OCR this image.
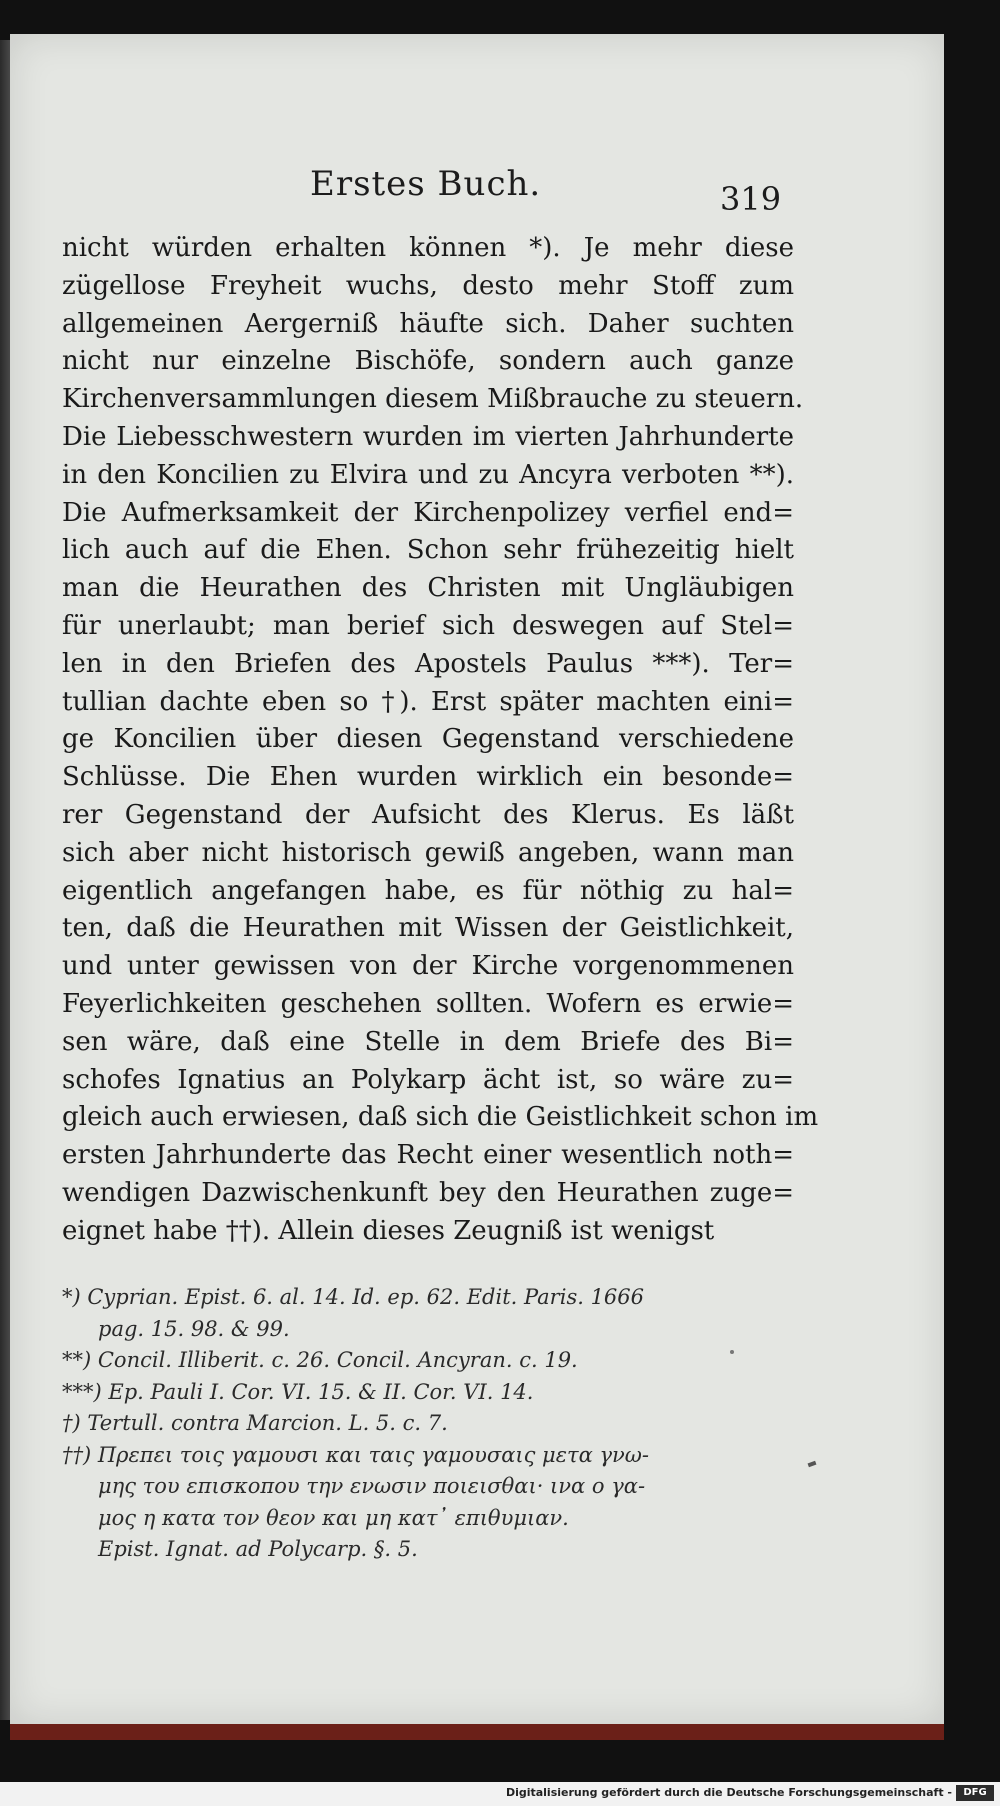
Erstes Buch.	319
nicht würden erhalten können *). Je mehr diese
zügellose Freyheit wuchs, desto mehr Stoff zum
allgemeinen Aergerniß häufte sich. Daher suchten
nicht nur einzelne Bischöfe, sondern auch ganze
Kirchenversammlungen diesem Mißbrauche zu steuern.
Die Liebesschwestern wurden im vierten Jahrhunderte
in den Koncilien zu Elvira und zu Ancyra verboten **).
Die Aufmerksamkeit der Kirchenpolizey verfiel end=
lich auch auf die Ehen. Schon sehr frühezeitig hielt
man die Heurathen des Christen mit Ungläubigen
für unerlaubt; man berief sich deswegen auf Stel=
len in den Briefen des Apostels Paulus ***). Ter=
tullian dachte eben so †). Erst später machten eini=
ge Koncilien über diesen Gegenstand verschiedene
Schlüsse. Die Ehen wurden wirklich ein besonde=
rer Gegenstand der Aufsicht des Klerus. Es läßt
sich aber nicht historisch gewiß angeben, wann man
eigentlich angefangen habe, es für nöthig zu hal=
ten, daß die Heurathen mit Wissen der Geistlichkeit,
und unter gewissen von der Kirche vorgenommenen
Feyerlichkeiten geschehen sollten. Wofern es erwie=
sen wäre, daß eine Stelle in dem Briefe des Bi=
schofes Ignatius an Polykarp ächt ist, so wäre zu=
gleich auch erwiesen, daß sich die Geistlichkeit schon im
ersten Jahrhunderte das Recht einer wesentlich noth=
wendigen Dazwischenkunft bey den Heurathen zuge=
eignet habe ††). Allein dieses Zeugniß ist wenigst
*) Cyprian. Epist. 6. al. 14. Id. ep. 62. Edit. Paris. 1666
pag. 15. 98. & 99.
**) Concil. Illiberit. c. 26. Concil. Ancyran. c. 19.
***) Ep. Pauli I. Cor. VI. 15. & II. Cor. VI. 14.
†) Tertull. contra Marcion. L. 5. c. 7.
††) Πρεπει τοις γαμουσι και ταις γαμουσαις μετα γνω-
μης του επισκοπου την ενωσιν ποιεισθαι· ινα ο γα-
μος η κατα τον θεον και μη κατ᾽ επιθυμιαν.
Epist. Ignat. ad Polycarp. §. 5.
Digitalisierung gefördert durch die Deutsche Forschungsgemeinschaft -	DFG
